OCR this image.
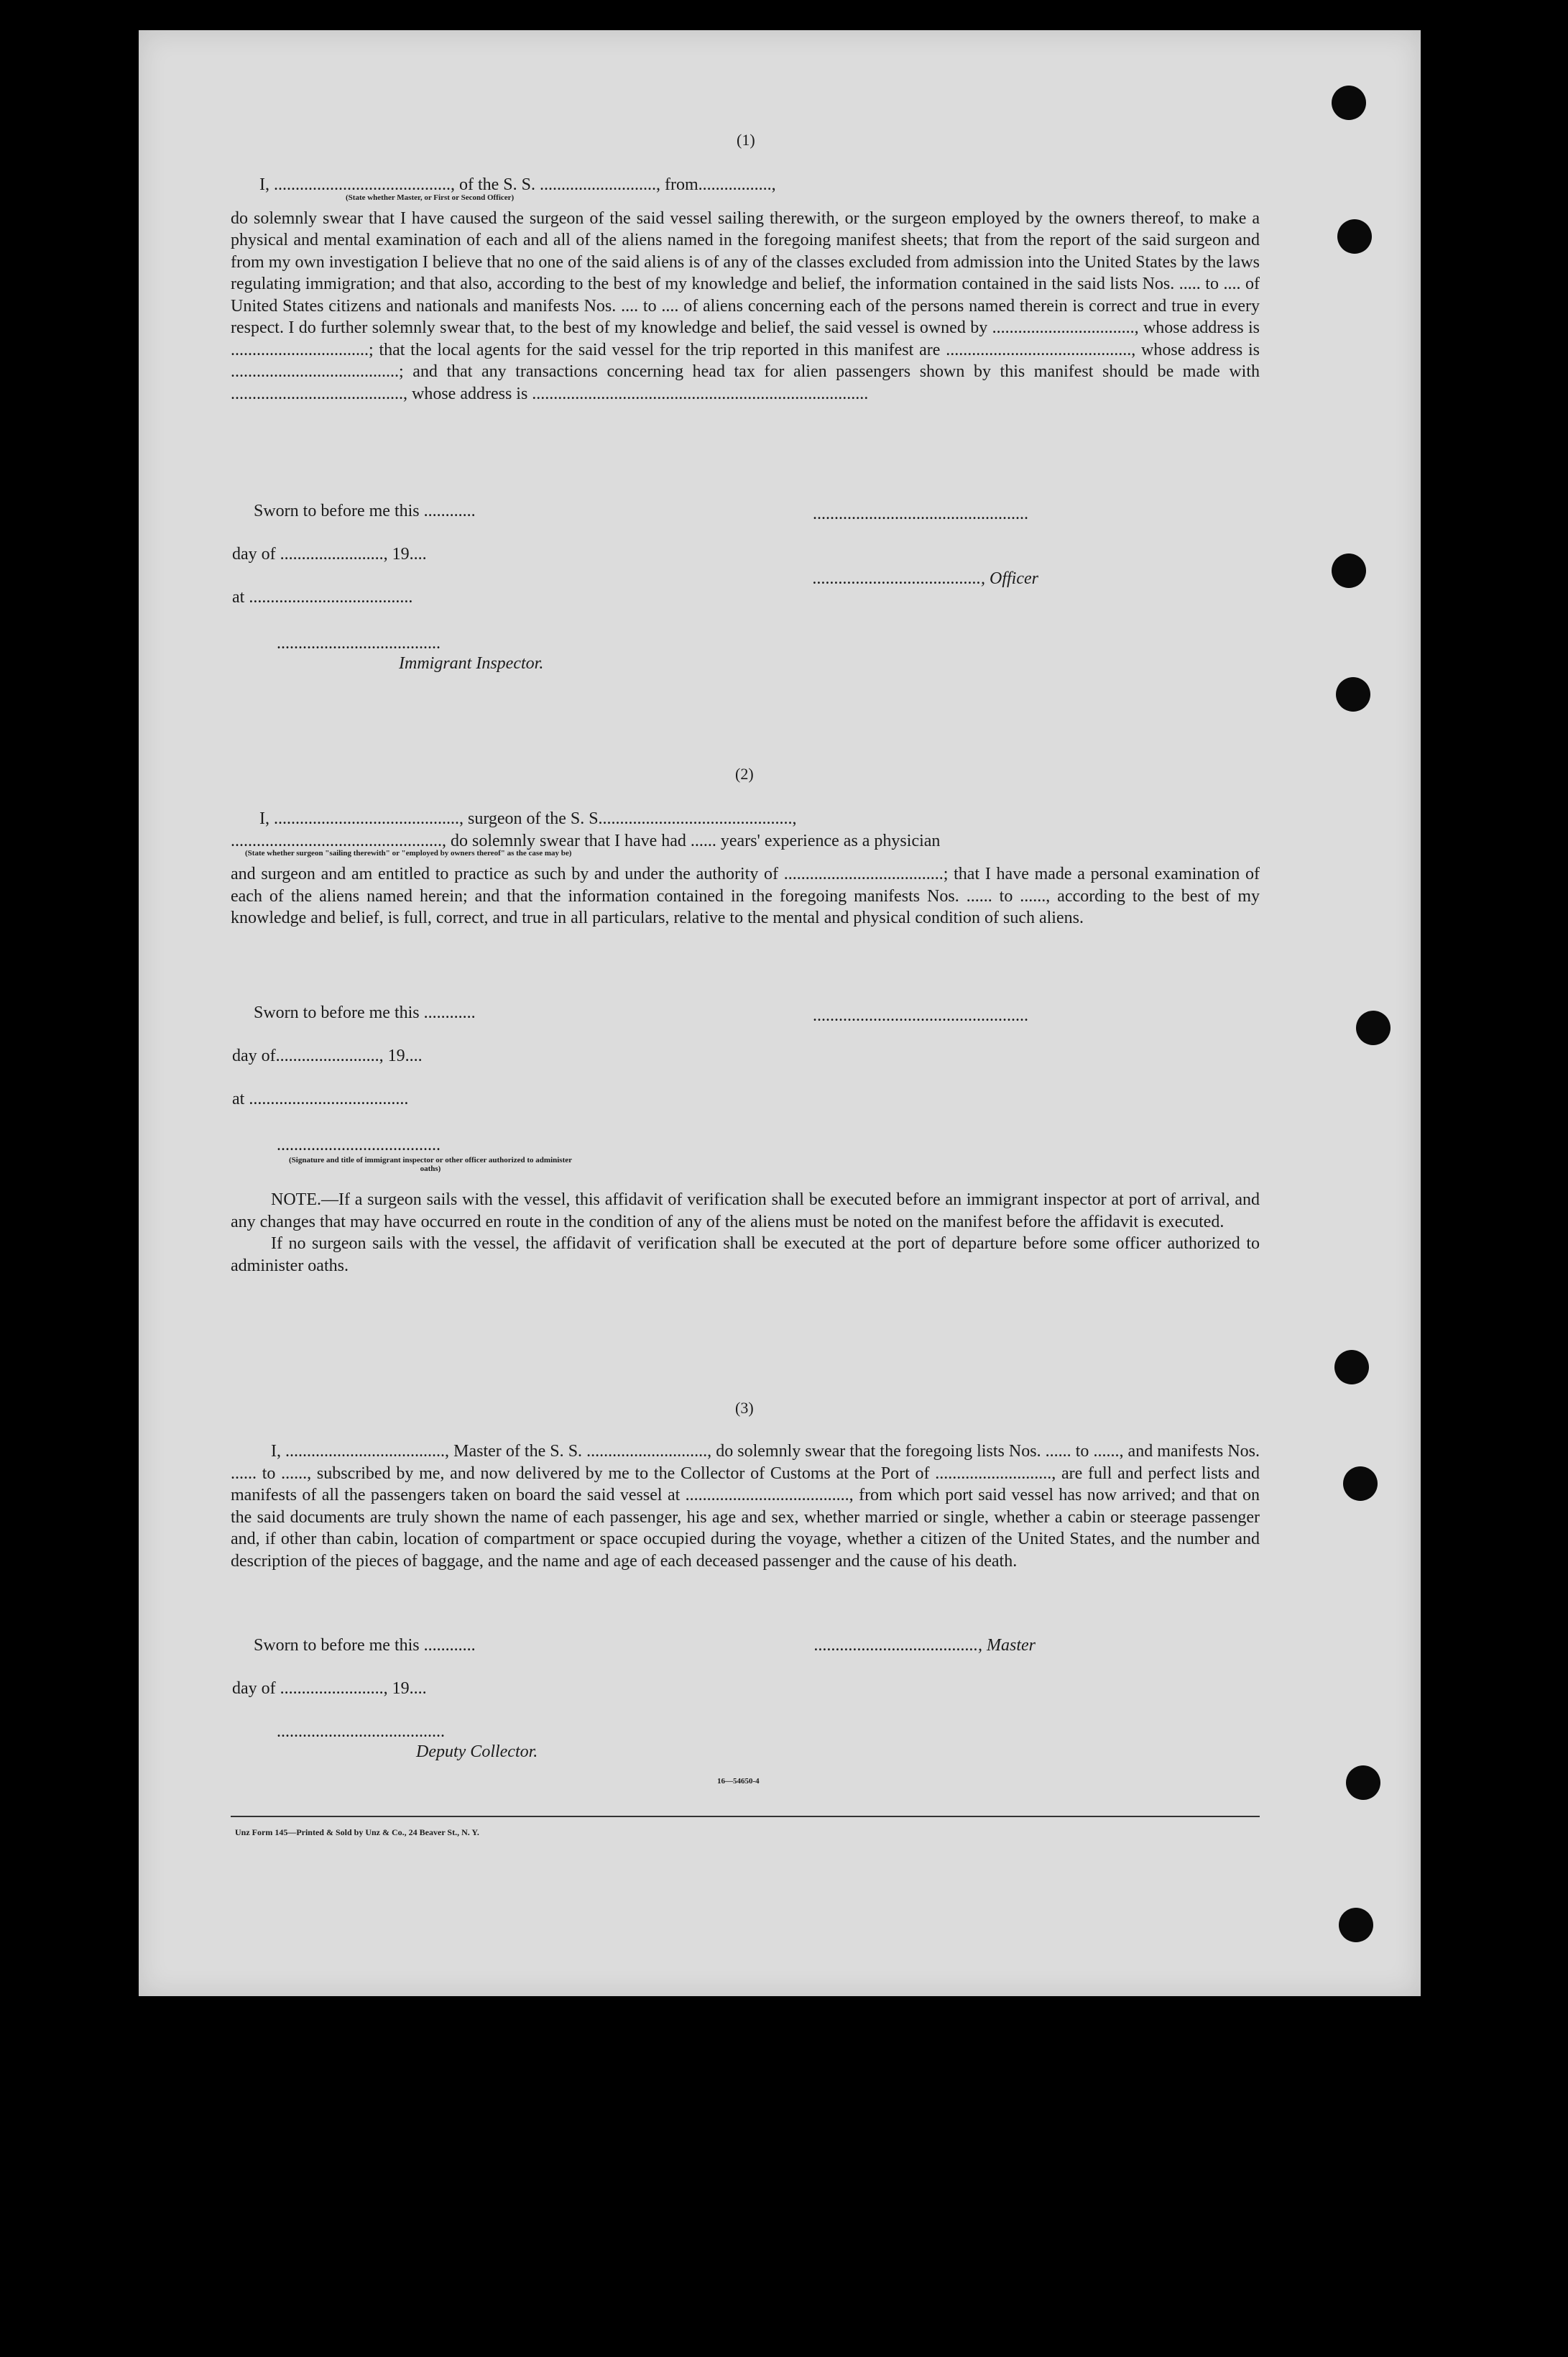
(1)

I, ........................................., of the S. S. ..........................., from.................,

(State whether Master, or First or Second Officer)

do solemnly swear that I have caused the surgeon of the said vessel sailing therewith, or the surgeon employed by the owners thereof, to make a physical and mental examination of each and all of the aliens named in the foregoing manifest sheets; that from the report of the said surgeon and from my own investigation I believe that no one of the said aliens is of any of the classes excluded from admission into the United States by the laws regulating immigration; and that also, according to the best of my knowledge and belief, the information contained in the said lists Nos. ..... to .... of United States citizens and nationals and manifests Nos. .... to .... of aliens concerning each of the persons named therein is correct and true in every respect. I do further solemnly swear that, to the best of my knowledge and belief, the said vessel is owned by ................................., whose address is ................................; that the local agents for the said vessel for the trip reported in this manifest are ..........................................., whose address is .......................................; and that any transactions concerning head tax for alien passengers shown by this manifest should be made with ........................................, whose address is ..............................................................................

Sworn to before me this ............	..................................................
day of ........................, 19....
......................................., Officer
at ......................................
......................................
Immigrant Inspector.
(2)

I, ..........................................., surgeon of the S. S.............................................,

................................................., do solemnly swear that I have had ...... years' experience as a physician

(State whether surgeon "sailing therewith" or "employed by owners thereof" as the case may be)

and surgeon and am entitled to practice as such by and under the authority of .....................................; that I have made a personal examination of each of the aliens named herein; and that the information contained in the foregoing manifests Nos. ...... to ......, according to the best of my knowledge and belief, is full, correct, and true in all particulars, relative to the mental and physical condition of such aliens.

Sworn to before me this ............	..................................................
day of........................, 19....
at .....................................
......................................
(Signature and title of immigrant inspector or other officer authorized to administer oaths)

NOTE.—If a surgeon sails with the vessel, this affidavit of verification shall be executed before an immigrant inspector at port of arrival, and any changes that may have occurred en route in the condition of any of the aliens must be noted on the manifest before the affidavit is executed.

If no surgeon sails with the vessel, the affidavit of verification shall be executed at the port of departure before some officer authorized to administer oaths.

(3)

I, ....................................., Master of the S. S. ............................, do solemnly swear that the foregoing lists Nos. ...... to ......, and manifests Nos. ...... to ......, subscribed by me, and now delivered by me to the Collector of Customs at the Port of ..........................., are full and perfect lists and manifests of all the passengers taken on board the said vessel at ......................................, from which port said vessel has now arrived; and that on the said documents are truly shown the name of each passenger, his age and sex, whether married or single, whether a cabin or steerage passenger and, if other than cabin, location of compartment or space occupied during the voyage, whether a citizen of the United States, and the number and description of the pieces of baggage, and the name and age of each deceased passenger and the cause of his death.

Sworn to before me this ............	......................................, Master
day of ........................, 19....
.......................................
Deputy Collector.
16—54650-4
Unz Form 145—Printed & Sold by Unz & Co., 24 Beaver St., N. Y.
